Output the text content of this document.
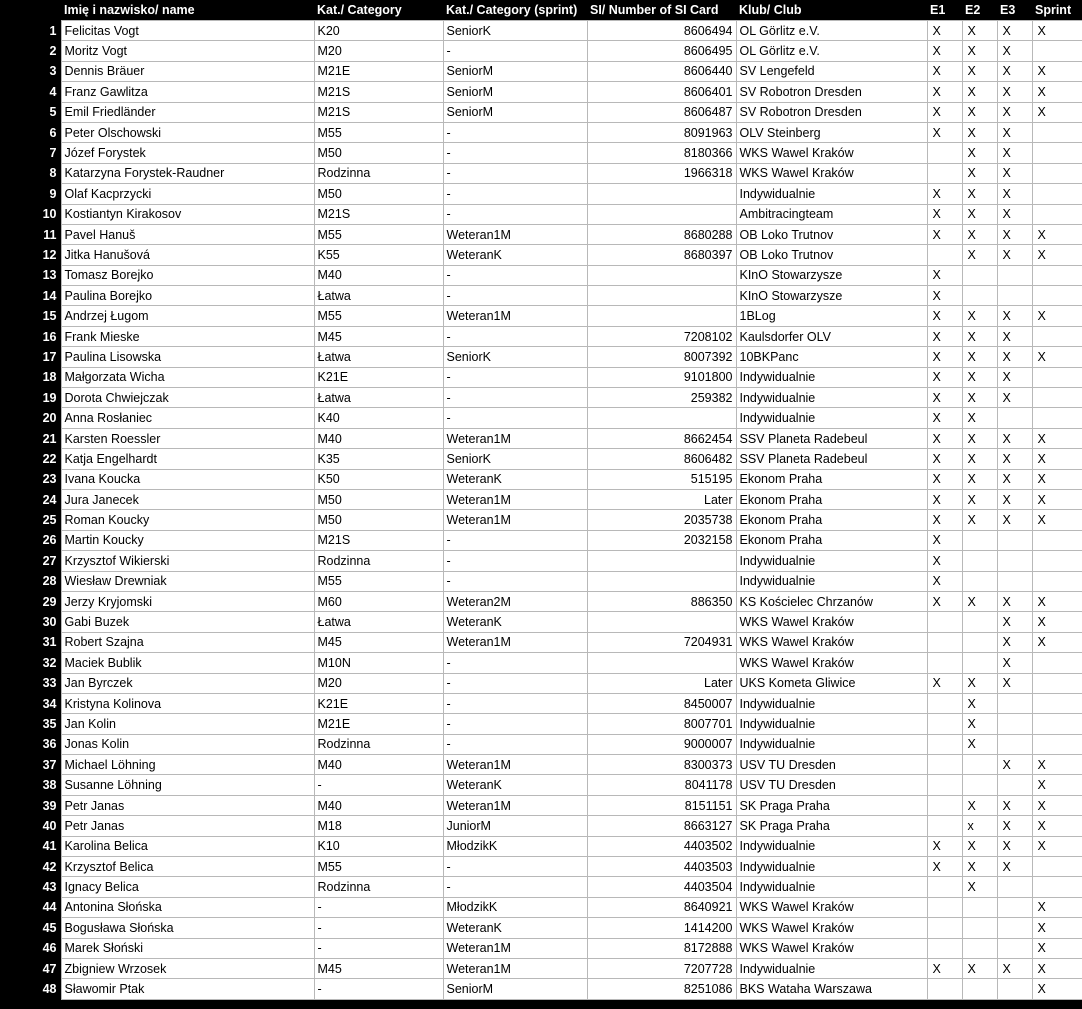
	Imię i nazwisko/ name	Kat./ Category	Kat./ Category (sprint)	SI/ Number of SI Card	Klub/ Club	E1	E2	E3	Sprint
1	Felicitas Vogt	K20	SeniorK	8606494	OL Görlitz e.V.	X	X	X	X
2	Moritz Vogt	M20	-	8606495	OL Görlitz e.V.	X	X	X	
3	Dennis Bräuer	M21E	SeniorM	8606440	SV Lengefeld	X	X	X	X
4	Franz Gawlitza	M21S	SeniorM	8606401	SV Robotron Dresden	X	X	X	X
5	Emil Friedländer	M21S	SeniorM	8606487	SV Robotron Dresden	X	X	X	X
6	Peter Olschowski	M55	-	8091963	OLV Steinberg	X	X	X	
7	Józef Forystek	M50	-	8180366	WKS Wawel Kraków		X	X	
8	Katarzyna Forystek-Raudner	Rodzinna	-	1966318	WKS Wawel Kraków		X	X	
9	Olaf Kacprzycki	M50	-		Indywidualnie	X	X	X	
10	Kostiantyn Kirakosov	M21S	-		Ambitracingteam	X	X	X	
11	Pavel Hanuš	M55	Weteran1M	8680288	OB Loko Trutnov	X	X	X	X
12	Jitka Hanušová	K55	WeteranK	8680397	OB Loko Trutnov		X	X	X
13	Tomasz Borejko	M40	-		KInO Stowarzysze	X			
14	Paulina Borejko	Łatwa	-		KInO Stowarzysze	X			
15	Andrzej Ługom	M55	Weteran1M		1BLog	X	X	X	X
16	Frank Mieske	M45	-	7208102	Kaulsdorfer OLV	X	X	X	
17	Paulina Lisowska	Łatwa	SeniorK	8007392	10BKPanc	X	X	X	X
18	Małgorzata Wicha	K21E	-	9101800	Indywidualnie	X	X	X	
19	Dorota Chwiejczak	Łatwa	-	259382	Indywidualnie	X	X	X	
20	Anna Rosłaniec	K40	-		Indywidualnie	X	X		
21	Karsten Roessler	M40	Weteran1M	8662454	SSV Planeta Radebeul	X	X	X	X
22	Katja Engelhardt	K35	SeniorK	8606482	SSV Planeta Radebeul	X	X	X	X
23	Ivana Koucka	K50	WeteranK	515195	Ekonom Praha	X	X	X	X
24	Jura Janecek	M50	Weteran1M	Later	Ekonom Praha	X	X	X	X
25	Roman Koucky	M50	Weteran1M	2035738	Ekonom Praha	X	X	X	X
26	Martin Koucky	M21S	-	2032158	Ekonom Praha	X			
27	Krzysztof Wikierski	Rodzinna	-		Indywidualnie	X			
28	Wiesław Drewniak	M55	-		Indywidualnie	X			
29	Jerzy Kryjomski	M60	Weteran2M	886350	KS Kościelec Chrzanów	X	X	X	X
30	Gabi Buzek	Łatwa	WeteranK		WKS Wawel Kraków			X	X
31	Robert Szajna	M45	Weteran1M	7204931	WKS Wawel Kraków			X	X
32	Maciek Bublik	M10N	-		WKS Wawel Kraków			X	
33	Jan Byrczek	M20	-	Later	UKS Kometa Gliwice	X	X	X	
34	Kristyna Kolinova	K21E	-	8450007	Indywidualnie		X		
35	Jan Kolin	M21E	-	8007701	Indywidualnie		X		
36	Jonas Kolin	Rodzinna	-	9000007	Indywidualnie		X		
37	Michael Löhning	M40	Weteran1M	8300373	USV TU Dresden			X	X
38	Susanne Löhning	-	WeteranK	8041178	USV TU Dresden				X
39	Petr Janas	M40	Weteran1M	8151151	SK Praga Praha		X	X	X
40	Petr Janas	M18	JuniorM	8663127	SK Praga Praha		x	X	X
41	Karolina Belica	K10	MłodzikK	4403502	Indywidualnie	X	X	X	X
42	Krzysztof Belica	M55	-	4403503	Indywidualnie	X	X	X	
43	Ignacy Belica	Rodzinna	-	4403504	Indywidualnie		X		
44	Antonina Słońska	-	MłodzikK	8640921	WKS Wawel Kraków				X
45	Bogusława Słońska	-	WeteranK	1414200	WKS Wawel Kraków				X
46	Marek Słoński	-	Weteran1M	8172888	WKS Wawel Kraków				X
47	Zbigniew Wrzosek	M45	Weteran1M	7207728	Indywidualnie	X	X	X	X
48	Sławomir Ptak	-	SeniorM	8251086	BKS Wataha Warszawa				X
